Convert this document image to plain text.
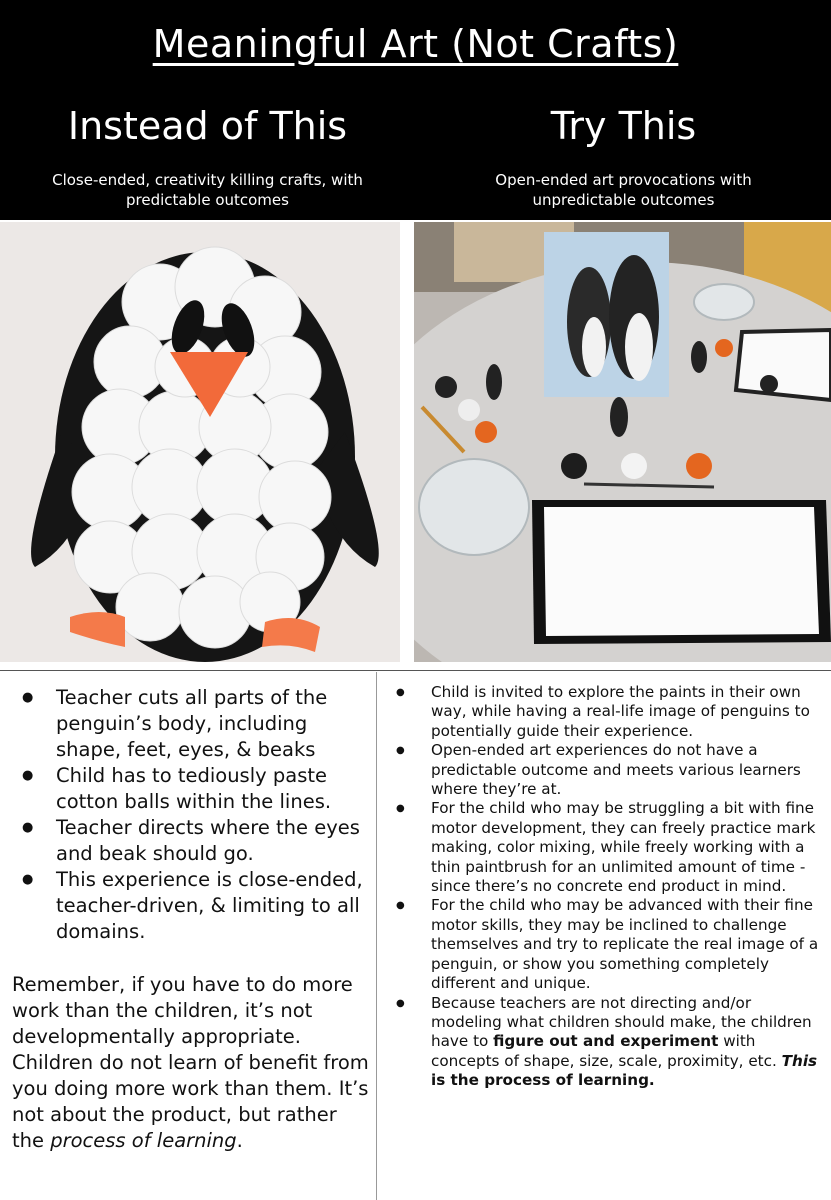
Meaningful Art (Not Crafts)
Instead of This	Try This
Close-ended, creativity killing crafts, with
predictable outcomes
Open-ended art provocations with
unpredictable outcomes
● Teacher cuts all parts of the penguin’s body, including shape, feet, eyes, & beaks
● Child has to tediously paste cotton balls within the lines.
● Teacher directs where the eyes and beak should go.
● This experience is close-ended, teacher-driven, & limiting to all domains.
Remember, if you have to do more work than the children, it’s not developmentally appropriate. Children do not learn of benefit from you doing more work than them. It’s not about the product, but rather the process of learning.
● Child is invited to explore the paints in their own way, while having a real-life image of penguins to potentially guide their experience.
● Open-ended art experiences do not have a predictable outcome and meets various learners where they’re at.
● For the child who may be struggling a bit with fine motor development, they can freely practice mark making, color mixing, while freely working with a thin paintbrush for an unlimited amount of time - since there’s no concrete end product in mind.
● For the child who may be advanced with their fine motor skills, they may be inclined to challenge themselves and try to replicate the real image of a penguin, or show you something completely different and unique.
● Because teachers are not directing and/or modeling what children should make, the children have to figure out and experiment with concepts of shape, size, scale, proximity, etc. This is the process of learning.
